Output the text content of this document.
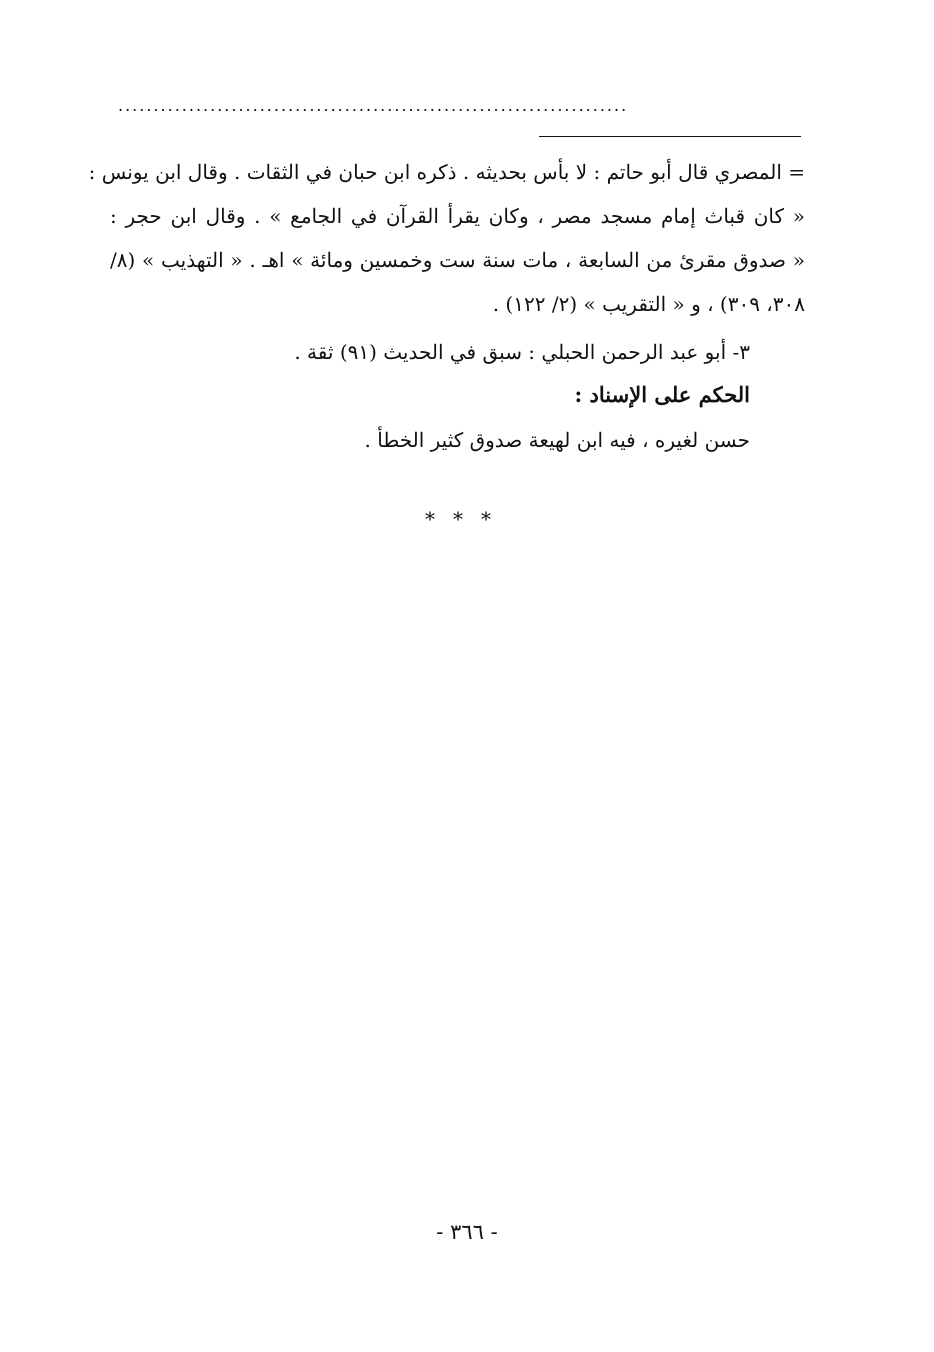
........................................................................
= المصري قال أبو حاتم : لا بأس بحديثه . ذكره ابن حبان في الثقات . وقال ابن يونس :
« كان قباث إمام مسجد مصر ، وكان يقرأ القرآن في الجامع » . وقال ابن حجر :
« صدوق مقرئ من السابعة ، مات سنة ست وخمسين ومائة » اهـ . « التهذيب » (٨/
٣٠٨، ٣٠٩) ، و « التقريب » (٢/ ١٢٢) .
٣- أبو عبد الرحمن الحبلي : سبق في الحديث (٩١) ثقة .
الحكم على الإسناد :
حسن لغيره ، فيه ابن لهيعة صدوق كثير الخطأ .
***
- ٣٦٦ -
